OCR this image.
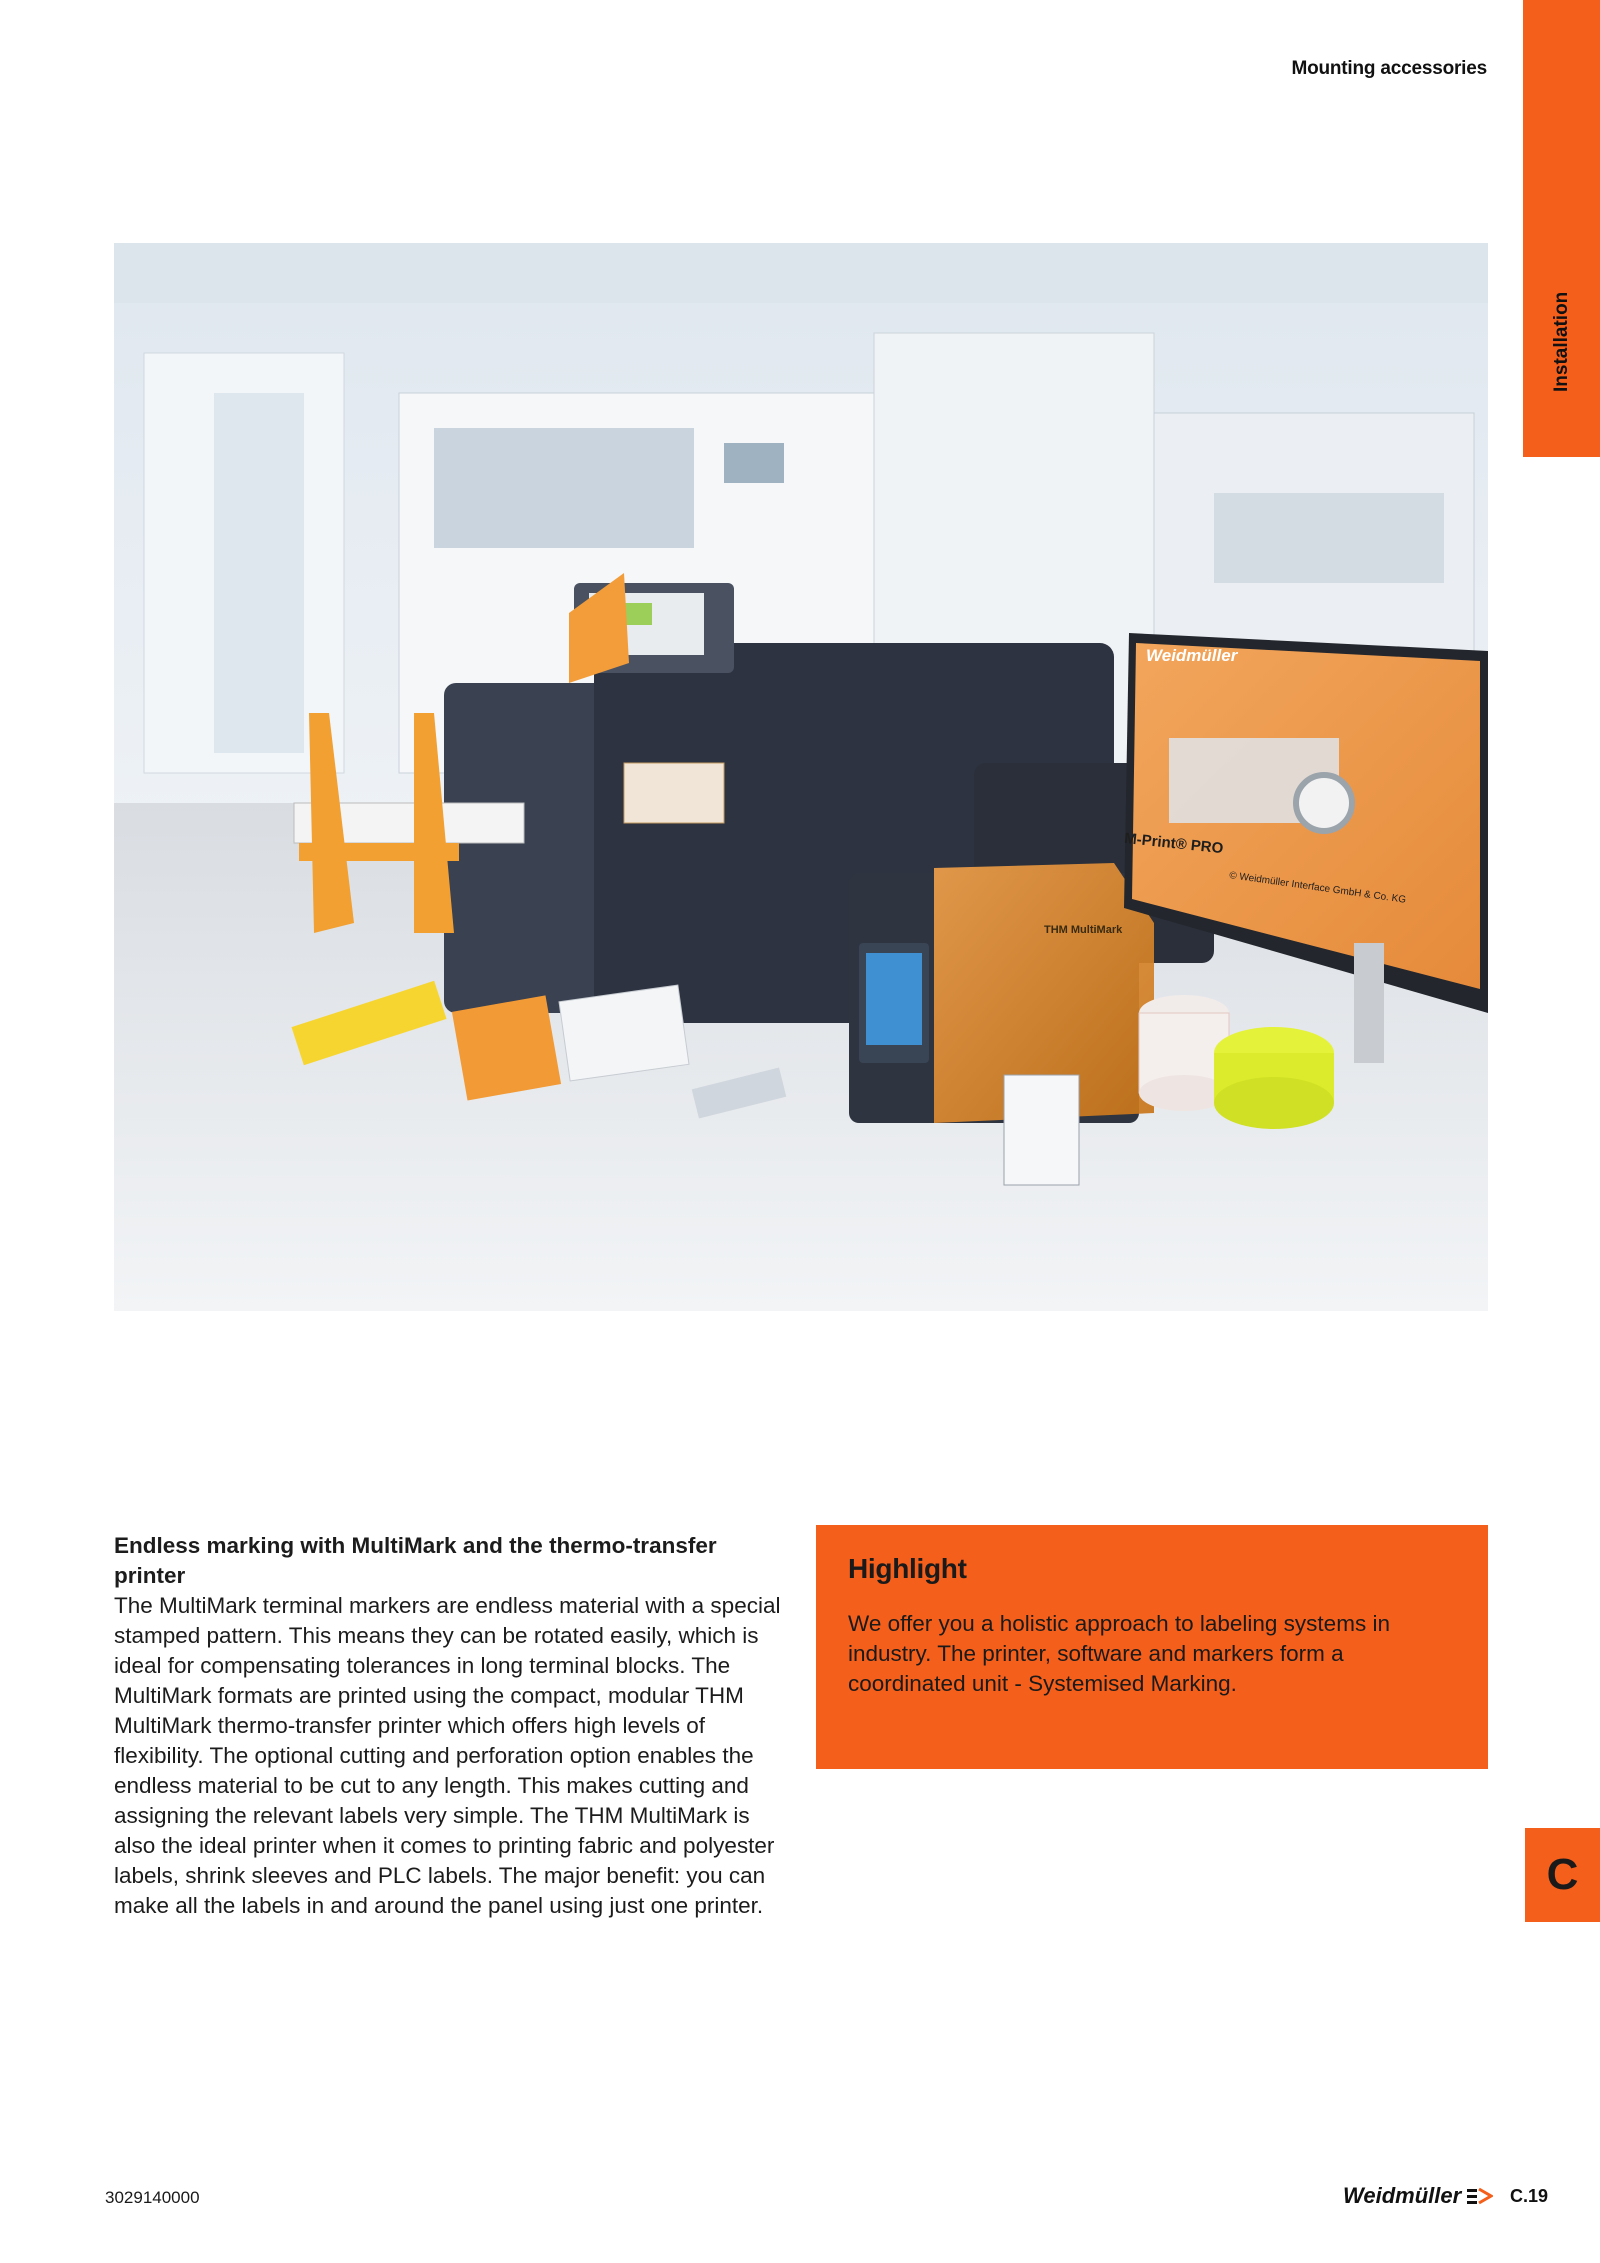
Mounting accessories
Installation
THM MultiMark
Weidmüller
M-Print® PRO
© Weidmüller Interface GmbH & Co. KG
Endless marking with MultiMark and the thermo-transfer printer

The MultiMark terminal markers are endless material with a special stamped pattern. This means they can be rotated easily, which is ideal for compensating tolerances in long terminal blocks. The MultiMark formats are printed using the compact, modular THM MultiMark thermo-transfer printer which offers high levels of flexibility. The optional cutting and perforation option enables the endless material to be cut to any length. This makes cutting and assigning the relevant labels very simple. The THM MultiMark is also the ideal printer when it comes to printing fabric and polyester labels, shrink sleeves and PLC labels. The major benefit: you can make all the labels in and around the panel using just one printer.

Highlight

We offer you a holistic approach to labeling systems in industry. The printer, software and markers form a coordinated unit - Systemised Marking.

C
3029140000	Weidmüller	C.19
